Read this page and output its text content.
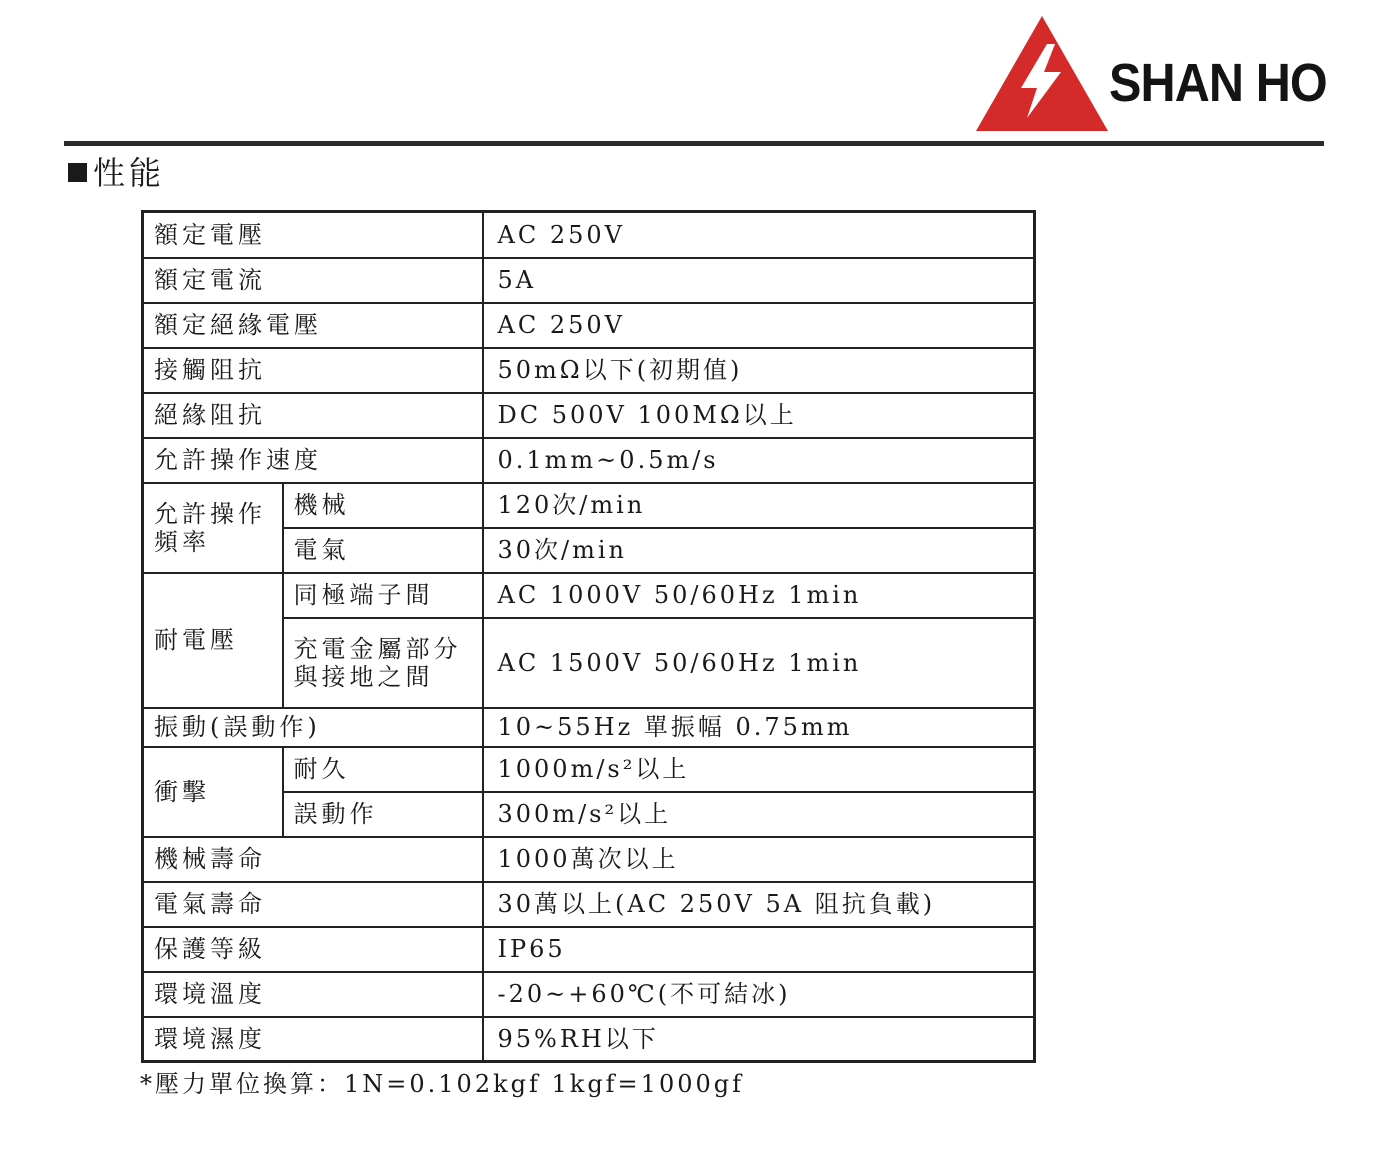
SHAN HO
性能
額定電壓		AC 250V
額定電流		5A
額定絕緣電壓		AC 250V
接觸阻抗		50mΩ以下(初期值)
絕緣阻抗		DC 500V 100MΩ以上
允許操作速度		0.1mm~0.5m/s
允許操作頻率	機械	120次/min
	電氣	30次/min
耐電壓	同極端子間	AC 1000V 50/60Hz 1min
	充電金屬部分與接地之間	AC 1500V 50/60Hz 1min
振動(誤動作)		10~55Hz 單振幅 0.75mm
衝擊	耐久	1000m/s²以上
	誤動作	300m/s²以上
機械壽命		1000萬次以上
電氣壽命		30萬以上(AC 250V 5A 阻抗負載)
保護等級		IP65
環境溫度		-20~+60℃(不可結冰)
環境濕度		95%RH以下
*壓力單位換算：1N=0.102kgf 1kgf=1000gf
